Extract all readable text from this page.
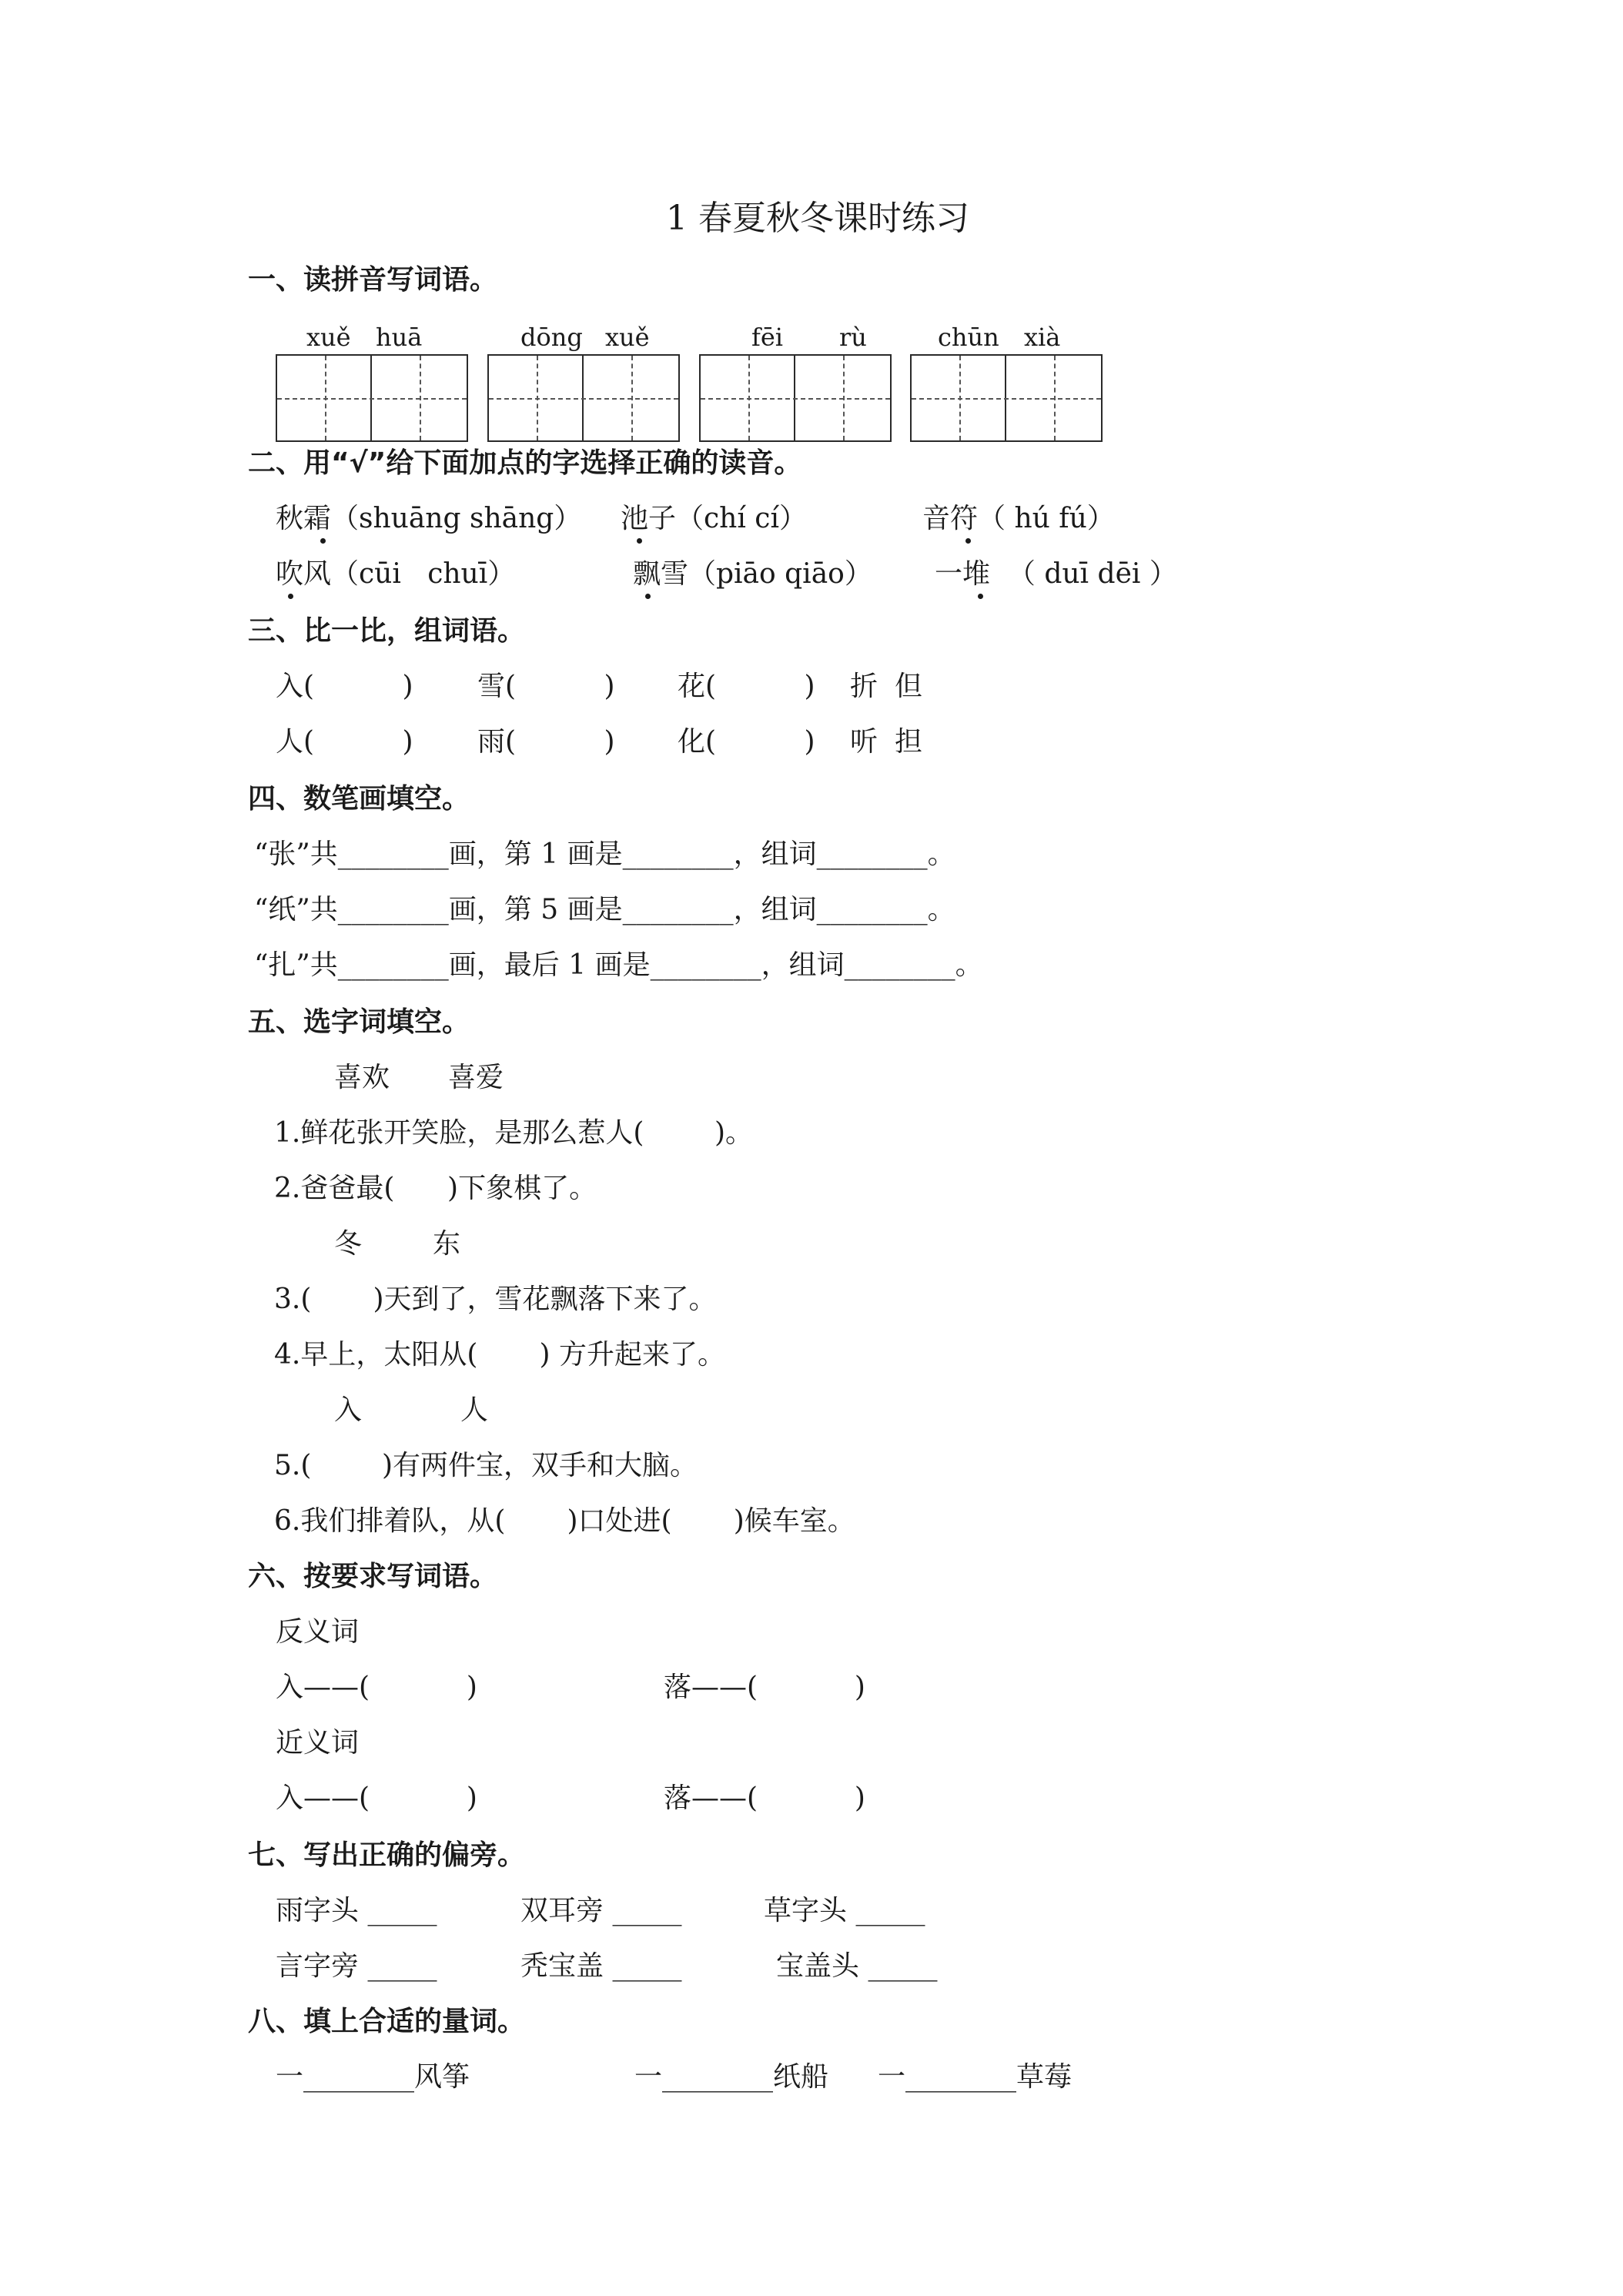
1 春夏秋冬课时练习
一、读拼音写词语。
xuě huā	dōng xuě	fēi rù	chūn xià
二、用“√”给下面加点的字选择正确的读音。
秋霜（shuāng shāng） 池子（chí cí）	音符（ hú fú）
吹风（cūi   chuī）	飘雪（piāo qiāo） 一堆  （ duī dēi ）
三、比一比，组词语。
入(          ) 雪(          ) 花(          ) 折 但
人(          ) 雨(          ) 化(          ) 听 担
四、数笔画填空。
“张”共________画，第 1 画是________，组词________。
“纸”共________画，第 5 画是________，组词________。
“扎”共________画，最后 1 画是________，组词________。
五、选字词填空。
喜欢 喜爱
1.鲜花张开笑脸，是那么惹人(        )。
2.爸爸最(      )下象棋了。
冬	东
3.(       )天到了，雪花飘落下来了。
4.早上，太阳从(       ) 方升起来了。
入	人
5.(        )有两件宝，双手和大脑。
6.我们排着队，从(       )口处进(       )候车室。
六、按要求写词语。
反义词
入——(           )	落——(           )
近义词
入——(           )	落——(           )
七、写出正确的偏旁。
雨字头 _____	双耳旁 _____	草字头 _____
言字旁 _____	秃宝盖 _____	宝盖头 _____
八、填上合适的量词。
一________风筝	一________纸船 一________草莓
